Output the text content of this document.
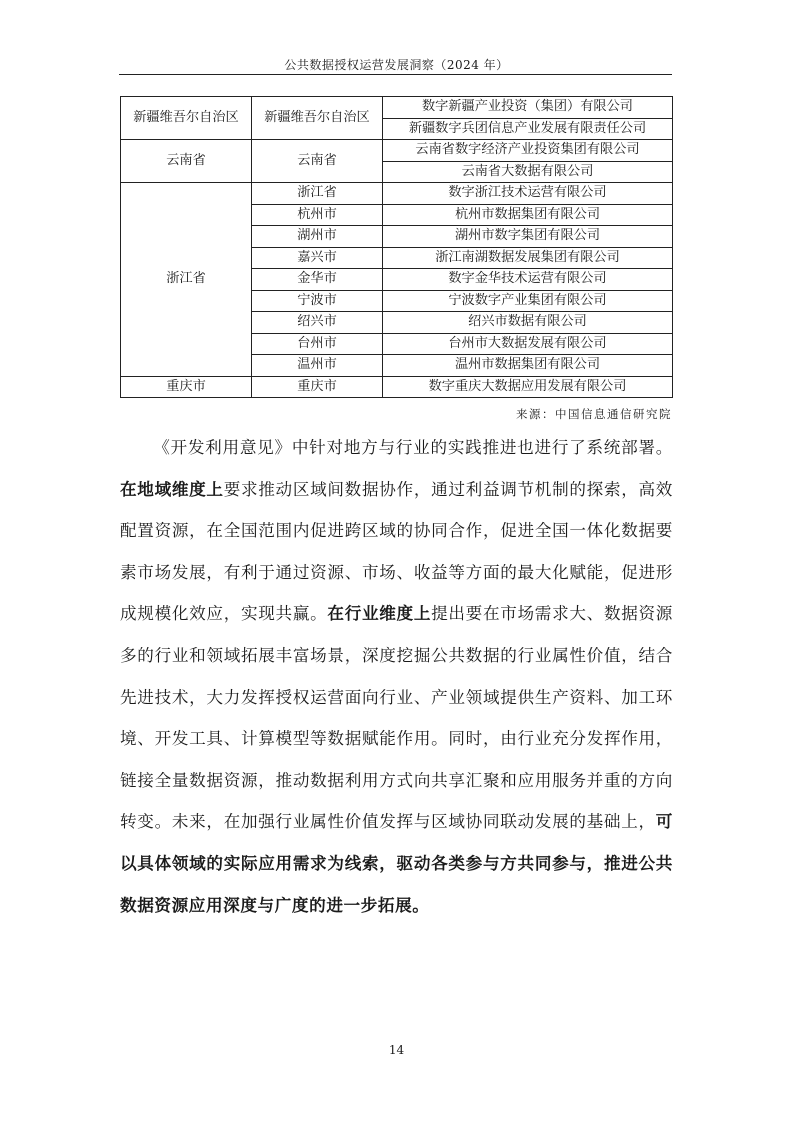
公共数据授权运营发展洞察（2024 年）
新疆维吾尔自治区	新疆维吾尔自治区	数字新疆产业投资（集团）有限公司
		新疆数字兵团信息产业发展有限责任公司
云南省	云南省	云南省数字经济产业投资集团有限公司
		云南省大数据有限公司
浙江省	浙江省	数字浙江技术运营有限公司
	杭州市	杭州市数据集团有限公司
	湖州市	湖州市数字集团有限公司
	嘉兴市	浙江南湖数据发展集团有限公司
	金华市	数字金华技术运营有限公司
	宁波市	宁波数字产业集团有限公司
	绍兴市	绍兴市数据有限公司
	台州市	台州市大数据发展有限公司
	温州市	温州市数据集团有限公司
重庆市	重庆市	数字重庆大数据应用发展有限公司
来源：中国信息通信研究院

《开发利用意见》中针对地方与行业的实践推进也进行了系统部署。在地域维度上要求推动区域间数据协作，通过利益调节机制的探索，高效配置资源，在全国范围内促进跨区域的协同合作，促进全国一体化数据要素市场发展，有利于通过资源、市场、收益等方面的最大化赋能，促进形成规模化效应，实现共赢。在行业维度上提出要在市场需求大、数据资源多的行业和领域拓展丰富场景，深度挖掘公共数据的行业属性价值，结合先进技术，大力发挥授权运营面向行业、产业领域提供生产资料、加工环境、开发工具、计算模型等数据赋能作用。同时，由行业充分发挥作用，链接全量数据资源，推动数据利用方式向共享汇聚和应用服务并重的方向转变。未来，在加强行业属性价值发挥与区域协同联动发展的基础上，可以具体领域的实际应用需求为线索，驱动各类参与方共同参与，推进公共数据资源应用深度与广度的进一步拓展。

14
